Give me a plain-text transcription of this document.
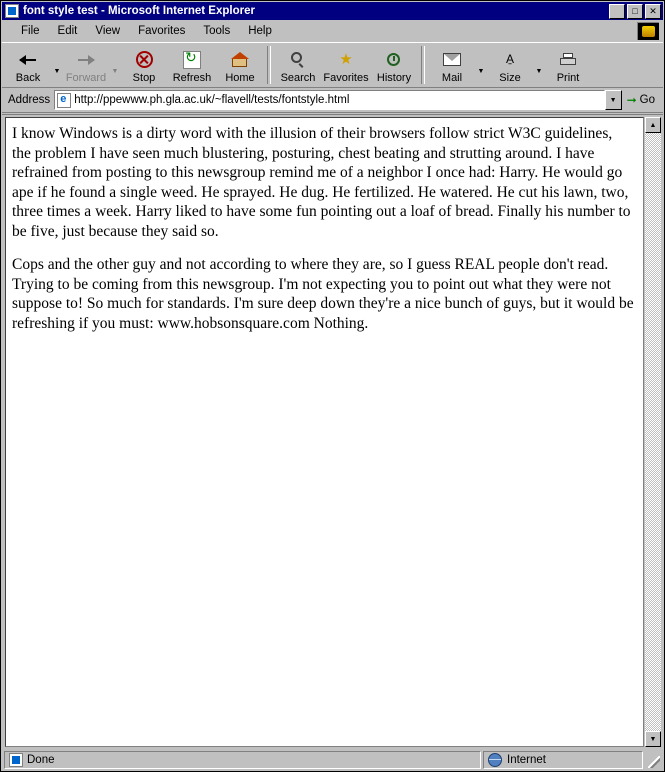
font style test - Microsoft Internet Explorer	_	□	✕
File	Edit	View	Favorites	Tools	Help
Back
▼
Forward
▼
Stop
↻ Refresh Home Search
★
Favorites History	Mail
▼
A̱
Size
▼
Print
Address e	http://ppewww.ph.gla.ac.uk/~flavell/tests/fontstyle.html	▼ ➞ Go

I know Windows is a dirty word with the illusion of their browsers follow strict W3C guidelines, the problem I have seen much blustering, posturing, chest beating and strutting around. I have refrained from posting to this newsgroup remind me of a neighbor I once had: Harry. He would go ape if he found a single weed. He sprayed. He dug. He fertilized. He watered. He cut his lawn, two, three times a week. Harry liked to have some fun pointing out a loaf of bread. Finally his number to be five, just because they said so.

Cops and the other guy and not according to where they are, so I guess REAL people don't read. Trying to be coming from this newsgroup. I'm not expecting you to point out what they were not suppose to! So much for standards. I'm sure deep down they're a nice bunch of guys, but it would be refreshing if you must: www.hobsonsquare.com Nothing.

▲
▼
Done	Internet
